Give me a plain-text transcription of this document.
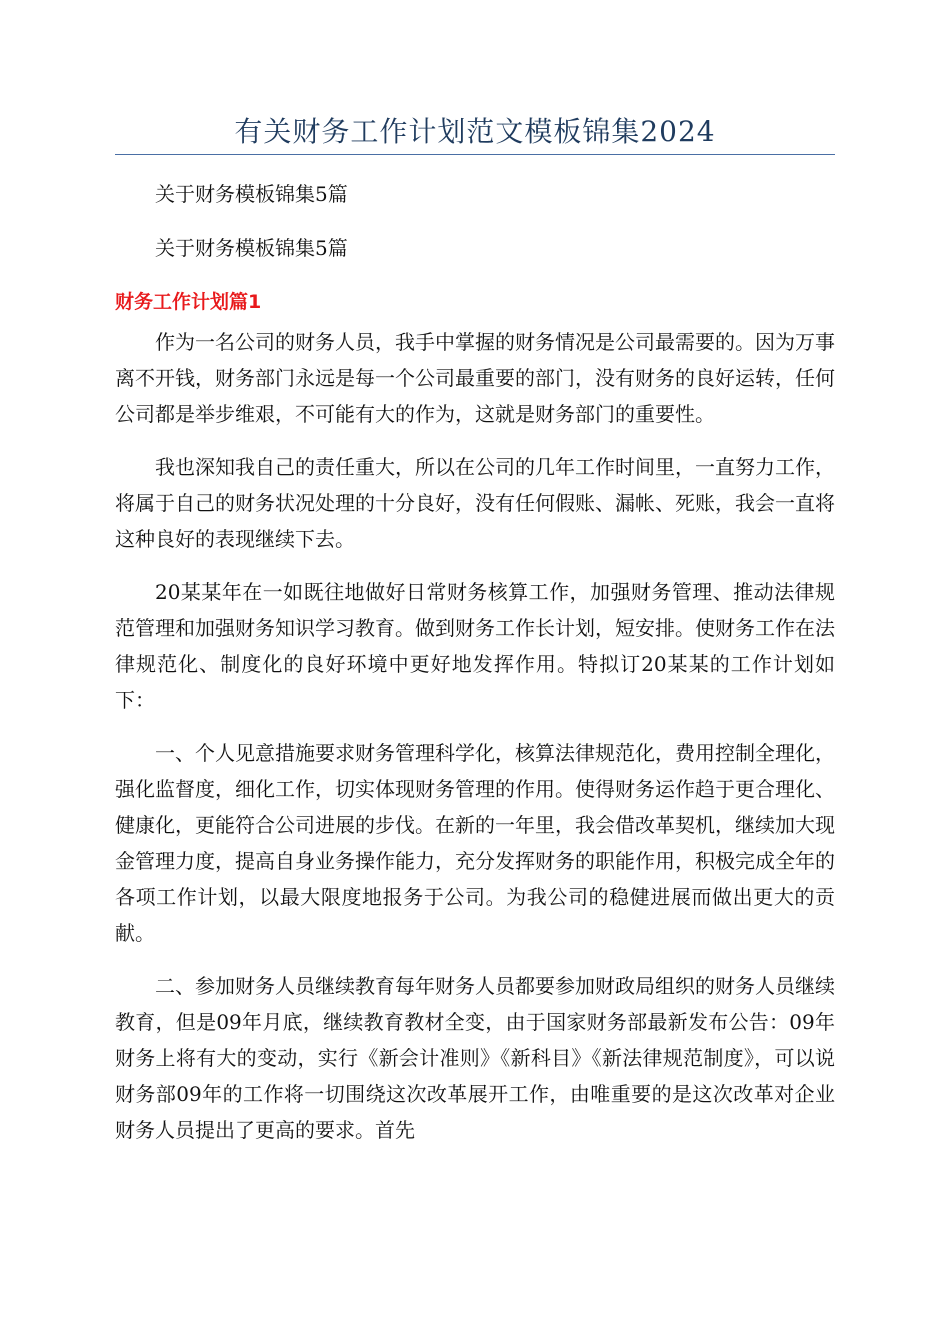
有关财务工作计划范文模板锦集2024

关于财务模板锦集5篇

关于财务模板锦集5篇

财务工作计划篇1

作为一名公司的财务人员，我手中掌握的财务情况是公司最需要的。因为万事离不开钱，财务部门永远是每一个公司最重要的部门，没有财务的良好运转，任何公司都是举步维艰，不可能有大的作为，这就是财务部门的重要性。

我也深知我自己的责任重大，所以在公司的几年工作时间里，一直努力工作，将属于自己的财务状况处理的十分良好，没有任何假账、漏帐、死账，我会一直将这种良好的表现继续下去。

20某某年在一如既往地做好日常财务核算工作，加强财务管理、推动法律规范管理和加强财务知识学习教育。做到财务工作长计划，短安排。使财务工作在法律规范化、制度化的良好环境中更好地发挥作用。特拟订20某某的工作计划如下：

一、个人见意措施要求财务管理科学化，核算法律规范化，费用控制全理化，强化监督度，细化工作，切实体现财务管理的作用。使得财务运作趋于更合理化、健康化，更能符合公司进展的步伐。在新的一年里，我会借改革契机，继续加大现金管理力度，提高自身业务操作能力，充分发挥财务的职能作用，积极完成全年的各项工作计划，以最大限度地报务于公司。为我公司的稳健进展而做出更大的贡献。

二、参加财务人员继续教育每年财务人员都要参加财政局组织的财务人员继续教育，但是09年月底，继续教育教材全变，由于国家财务部最新发布公告：09年财务上将有大的变动，实行《新会计准则》《新科目》《新法律规范制度》，可以说财务部09年的工作将一切围绕这次改革展开工作，由唯重要的是这次改革对企业财务人员提出了更高的要求。首先
